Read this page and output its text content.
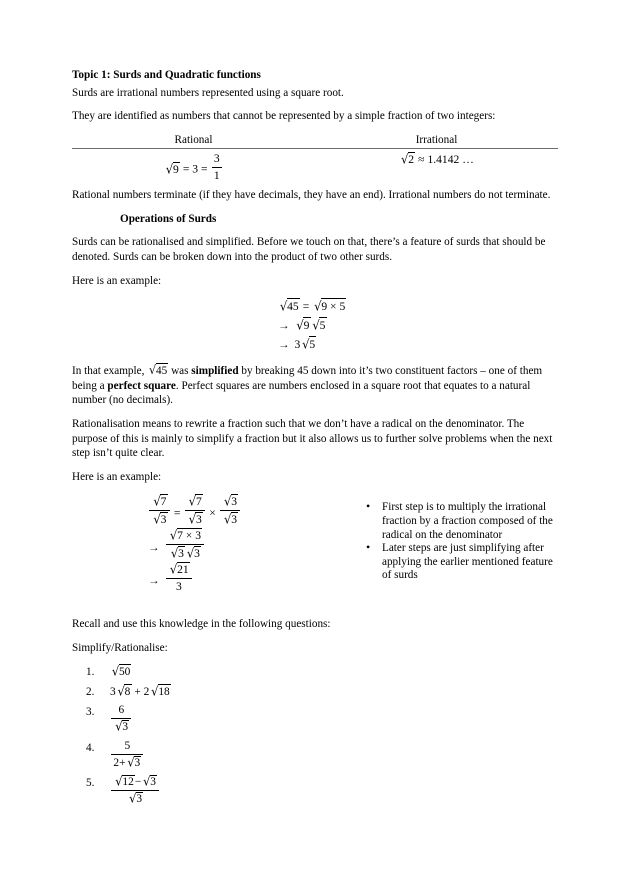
Topic 1: Surds and Quadratic functions
Surds are irrational numbers represented using a square root.
They are identified as numbers that cannot be represented by a simple fraction of two integers:
Rational	Irrational
$√9 = 3 = \frac{3}{1}$	√2 ≈ 1.4142 …
Rational numbers terminate (if they have decimals, they have an end). Irrational numbers do not terminate.
Operations of Surds
Surds can be rationalised and simplified. Before we touch on that, there’s a feature of surds that should be denoted. Surds can be broken down into the product of two other surds.
Here is an example:
√45 = √9 × 5
→ √9 √5
→ 3 √5
In that example, √45 was simplified by breaking 45 down into it’s two constituent factors – one of them being a perfect square. Perfect squares are numbers enclosed in a square root that equates to a natural number (no decimals).
Rationalisation means to rewrite a fraction such that we don’t have a radical on the denominator. The purpose of this is mainly to simplify a fraction but it also allows us to further solve problems when the next step isn’t quite clear.
Here is an example:
$\frac{√7}{√3} = \frac{√7}{√3} \times \frac{√3}{√3}$
→ $\frac{√7 \times 3}{√3 √3}$
→ $\frac{√21}{3}$
• First step is to multiply the irrational fraction by a fraction composed of the radical on the denominator
• Later steps are just simplifying after applying the earlier mentioned feature of surds
Recall and use this knowledge in the following questions:
Simplify/Rationalise:
√50
3 √8 + 2 √18
$\frac{6}{√3}$
$\frac{5}{2+ √3}$
$\frac{√12- √3}{√3}$
